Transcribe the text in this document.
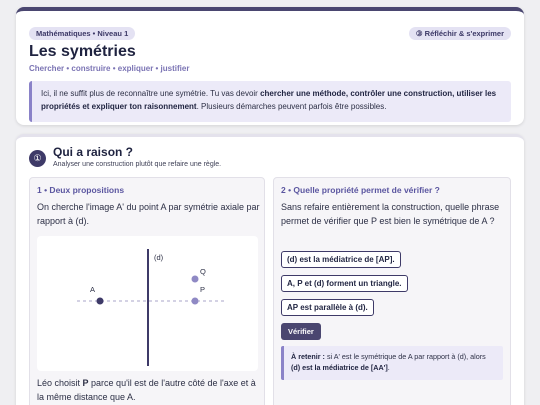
Mathématiques • Niveau 1	③ Réfléchir & s'exprimer
Les symétries
Chercher • construire • expliquer • justifier
Ici, il ne suffit plus de reconnaître une symétrie. Tu vas devoir chercher une méthode, contrôler une construction, utiliser les propriétés et expliquer ton raisonnement. Plusieurs démarches peuvent parfois être possibles.
① Qui a raison ?
Analyser une construction plutôt que refaire une règle.
1 • Deux propositions
On cherche l'image A' du point A par symétrie axiale par rapport à (d).
(d)
A	P
Q
Léo choisit P parce qu'il est de l'autre côté de l'axe et à la même distance que A.
2 • Quelle propriété permet de vérifier ?
Sans refaire entièrement la construction, quelle phrase permet de vérifier que P est bien le symétrique de A ?
(d) est la médiatrice de [AP].
A, P et (d) forment un triangle.
AP est parallèle à (d).
Vérifier
À retenir : si A' est le symétrique de A par rapport à (d), alors (d) est la médiatrice de [AA'].
